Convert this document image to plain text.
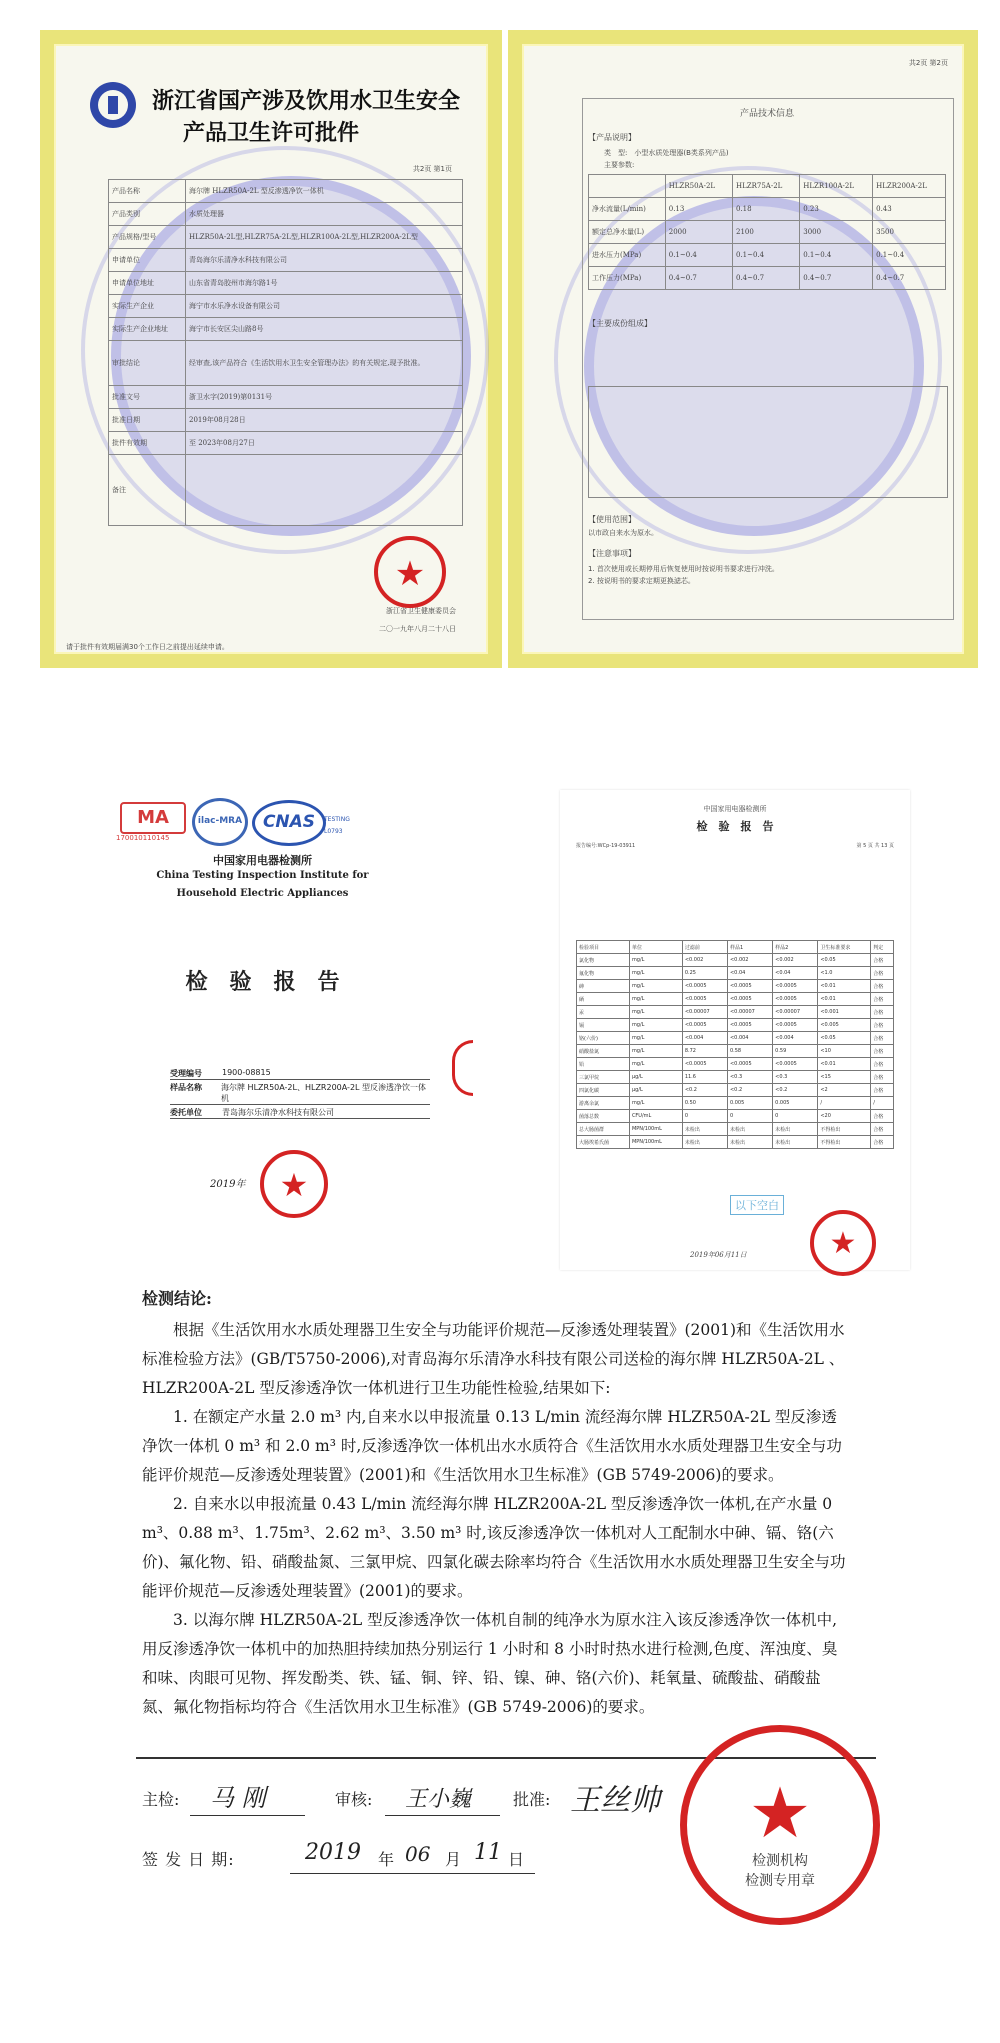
浙江省国产涉及饮用水卫生安全
产品卫生许可批件
共2页 第1页
产品名称	海尔牌 HLZR50A-2L 型反渗透净饮一体机
产品类别	水质处理器
产品规格/型号	HLZR50A-2L型,HLZR75A-2L型,HLZR100A-2L型,HLZR200A-2L型
申请单位	青岛海尔乐清净水科技有限公司
申请单位地址	山东省青岛胶州市海尔路1号
实际生产企业	海宁市水乐净水设备有限公司
实际生产企业地址	海宁市长安区尖山路8号
审批结论	经审查,该产品符合《生活饮用水卫生安全管理办法》的有关规定,现予批准。
批准文号	浙卫水字(2019)第0131号
批准日期	2019年08月28日
批件有效期	至 2023年08月27日
备注	
浙江省卫生健康委员会
二〇一九年八月二十八日
★
请于批件有效期届满30个工作日之前提出延续申请。
共2页 第2页
产品技术信息
【产品说明】
类　型:　小型水质处理器(B类系列产品)
主要参数:
	HLZR50A-2L	HLZR75A-2L	HLZR100A-2L	HLZR200A-2L
净水流量(L/min)	0.13	0.18	0.23	0.43
额定总净水量(L)	2000	2100	3000	3500
进水压力(MPa)	0.1~0.4	0.1~0.4	0.1~0.4	0.1~0.4
工作压力(MPa)	0.4~0.7	0.4~0.7	0.4~0.7	0.4~0.7
【主要成份组成】
【使用范围】
以市政自来水为原水。
【注意事项】
1. 首次使用或长期停用后恢复使用时按说明书要求进行冲洗。
2. 按说明书的要求定期更换滤芯。
MA
170010110145
ilac-MRA	CNAS	TESTING
L0793
中国家用电器检测所
China Testing Inspection Institute for
Household Electric Appliances
检　验　报　告
受理编号	1900-08815
样品名称	海尔牌 HLZR50A-2L、HLZR200A-2L 型反渗透净饮一体机
委托单位	青岛海尔乐清净水科技有限公司
2019年	★
中国家用电器检测所
检　验　报　告
报告编号:WCp-19-03911	第 5 页 共 13 页
检验项目	单位	过滤前	样品1	样品2	卫生标准要求	判定
氯化物	mg/L	<0.002	<0.002	<0.002	<0.05	合格
氟化物	mg/L	0.25	<0.04	<0.04	<1.0	合格
砷	mg/L	<0.0005	<0.0005	<0.0005	<0.01	合格
硒	mg/L	<0.0005	<0.0005	<0.0005	<0.01	合格
汞	mg/L	<0.00007	<0.00007	<0.00007	<0.001	合格
镉	mg/L	<0.0005	<0.0005	<0.0005	<0.005	合格
铬(六价)	mg/L	<0.004	<0.004	<0.004	<0.05	合格
硝酸盐氮	mg/L	8.72	0.58	0.59	<10	合格
铅	mg/L	<0.0005	<0.0005	<0.0005	<0.01	合格
三氯甲烷	μg/L	11.6	<0.3	<0.3	<15	合格
四氯化碳	μg/L	<0.2	<0.2	<0.2	<2	合格
游离余氯	mg/L	0.50	0.005	0.005	/	/
菌落总数	CFU/mL	0	0	0	<20	合格
总大肠菌群	MPN/100mL	未检出	未检出	未检出	不得检出	合格
大肠埃希氏菌	MPN/100mL	未检出	未检出	未检出	不得检出	合格
以下空白
2019年06月11日	★
检测结论:

根据《生活饮用水水质处理器卫生安全与功能评价规范—反渗透处理装置》(2001)和《生活饮用水标准检验方法》(GB/T5750-2006),对青岛海尔乐清净水科技有限公司送检的海尔牌 HLZR50A-2L 、HLZR200A-2L 型反渗透净饮一体机进行卫生功能性检验,结果如下:

1. 在额定产水量 2.0 m³ 内,自来水以申报流量 0.13 L/min 流经海尔牌 HLZR50A-2L 型反渗透净饮一体机 0 m³ 和 2.0 m³ 时,反渗透净饮一体机出水水质符合《生活饮用水水质处理器卫生安全与功能评价规范—反渗透处理装置》(2001)和《生活饮用水卫生标准》(GB 5749-2006)的要求。

2. 自来水以申报流量 0.43 L/min 流经海尔牌 HLZR200A-2L 型反渗透净饮一体机,在产水量 0 m³、0.88 m³、1.75m³、2.62 m³、3.50 m³ 时,该反渗透净饮一体机对人工配制水中砷、镉、铬(六价)、氟化物、铅、硝酸盐氮、三氯甲烷、四氯化碳去除率均符合《生活饮用水水质处理器卫生安全与功能评价规范—反渗透处理装置》(2001)的要求。

3. 以海尔牌 HLZR50A-2L 型反渗透净饮一体机自制的纯净水为原水注入该反渗透净饮一体机中,用反渗透净饮一体机中的加热胆持续加热分别运行 1 小时和 8 小时时热水进行检测,色度、浑浊度、臭和味、肉眼可见物、挥发酚类、铁、锰、铜、锌、铅、镍、砷、铬(六价)、耗氧量、硫酸盐、硝酸盐氮、氟化物指标均符合《生活饮用水卫生标准》(GB 5749-2006)的要求。

主检: 马 刚	审核: 王小巍	批准: 王丝帅
签 发 日 期:	2019 年 06 月 11 日
★
检测机构
检测专用章
